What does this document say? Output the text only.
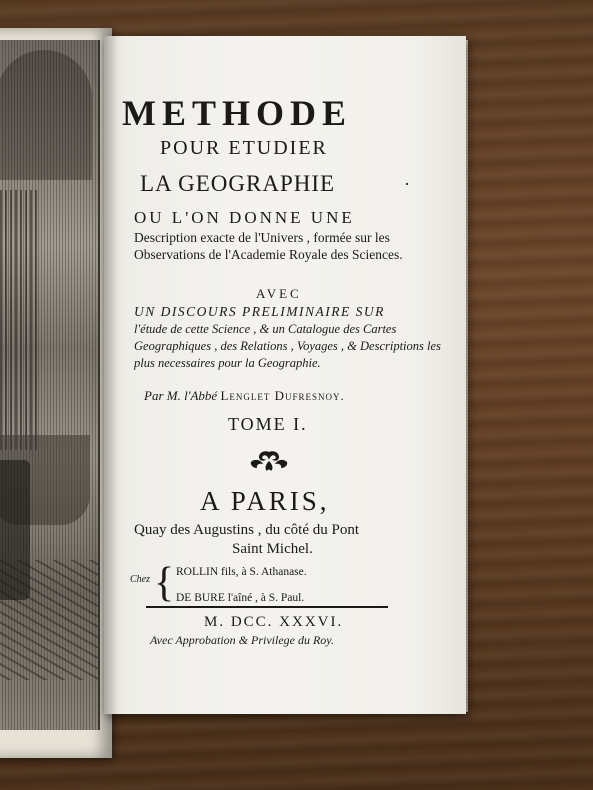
METHODE
POUR ETUDIER
LA GEOGRAPHIE	·
OU L'ON DONNE UNE
Description exacte de l'Univers , formée sur les Observations de l'Academie Royale des Sciences.
AVEC
UN DISCOURS PRELIMINAIRE SUR
l'étude de cette Science , & un Catalogue des Cartes Geographiques , des Relations , Voyages , & Descriptions les plus necessaires pour la Geographie.
Par M. l'Abbé Lenglet Dufresnoy.
TOME I.
A PARIS,
Quay des Augustins , du côté du Pont
Saint Michel.
Chez { ROLLIN fils, à S. Athanase.
DE BURE l'aîné , à S. Paul.
M. DCC. XXXVI.
Avec Approbation & Privilege du Roy.
